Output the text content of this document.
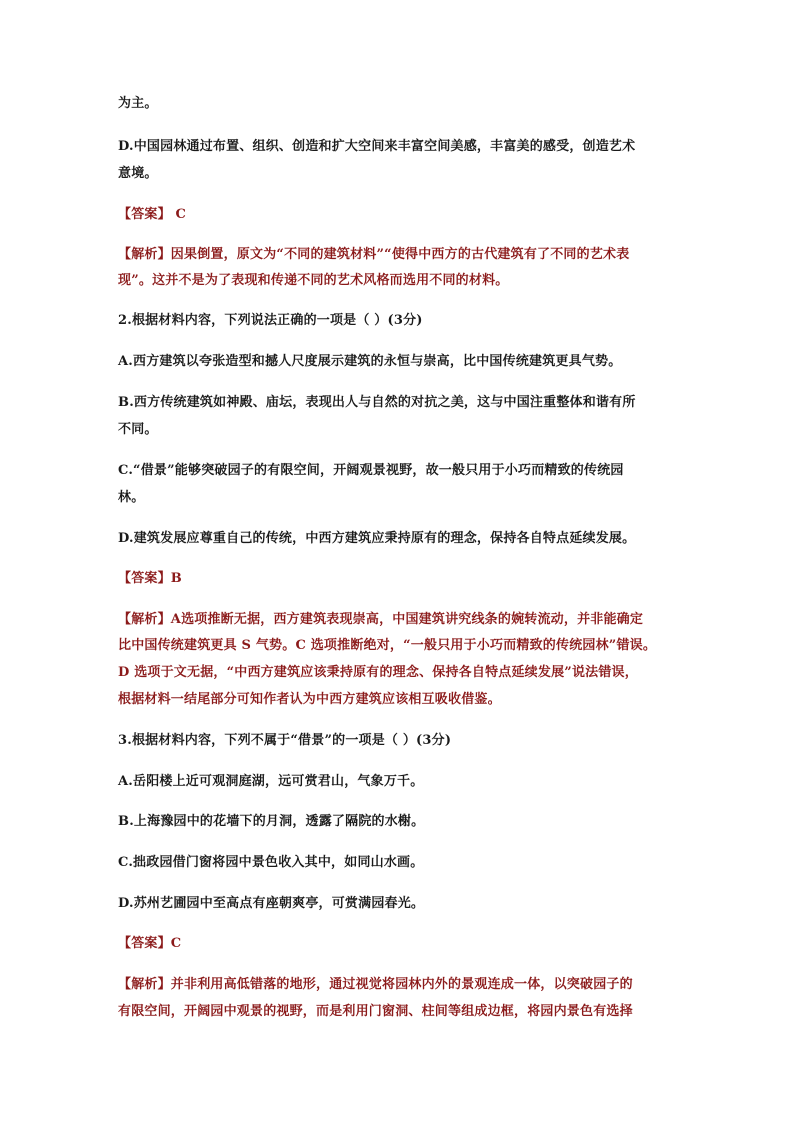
为主。
D.中国园林通过布置、组织、创造和扩大空间来丰富空间美感，丰富美的感受，创造艺术
意境。
【答案】 C
【解析】因果倒置，原文为“不同的建筑材料”“使得中西方的古代建筑有了不同的艺术表
现”。这并不是为了表现和传递不同的艺术风格而选用不同的材料。
2.根据材料内容，下列说法正确的一项是（ ）(3分)
A.西方建筑以夸张造型和撼人尺度展示建筑的永恒与崇高，比中国传统建筑更具气势。
B.西方传统建筑如神殿、庙坛，表现出人与自然的对抗之美，这与中国注重整体和谐有所
不同。
C.“借景”能够突破园子的有限空间，开阔观景视野，故一般只用于小巧而精致的传统园
林。
D.建筑发展应尊重自己的传统，中西方建筑应秉持原有的理念，保持各自特点延续发展。
【答案】B
【解析】A选项推断无据，西方建筑表现崇高，中国建筑讲究线条的婉转流动，并非能确定
比中国传统建筑更具 S 气势。C 选项推断绝对，“一般只用于小巧而精致的传统园林”错误。
D 选项于文无据，“中西方建筑应该秉持原有的理念、保持各自特点延续发展”说法错误，
根据材料一结尾部分可知作者认为中西方建筑应该相互吸收借鉴。
3.根据材料内容，下列不属于“借景”的一项是（ ）(3分)
A.岳阳楼上近可观洞庭湖，远可赏君山，气象万千。
B.上海豫园中的花墙下的月洞，透露了隔院的水榭。
C.拙政园借门窗将园中景色收入其中，如同山水画。
D.苏州艺圃园中至高点有座朝爽亭，可赏满园春光。
【答案】C
【解析】并非利用高低错落的地形，通过视觉将园林内外的景观连成一体，以突破园子的
有限空间，开阔园中观景的视野，而是利用门窗洞、柱间等组成边框，将园内景色有选择
